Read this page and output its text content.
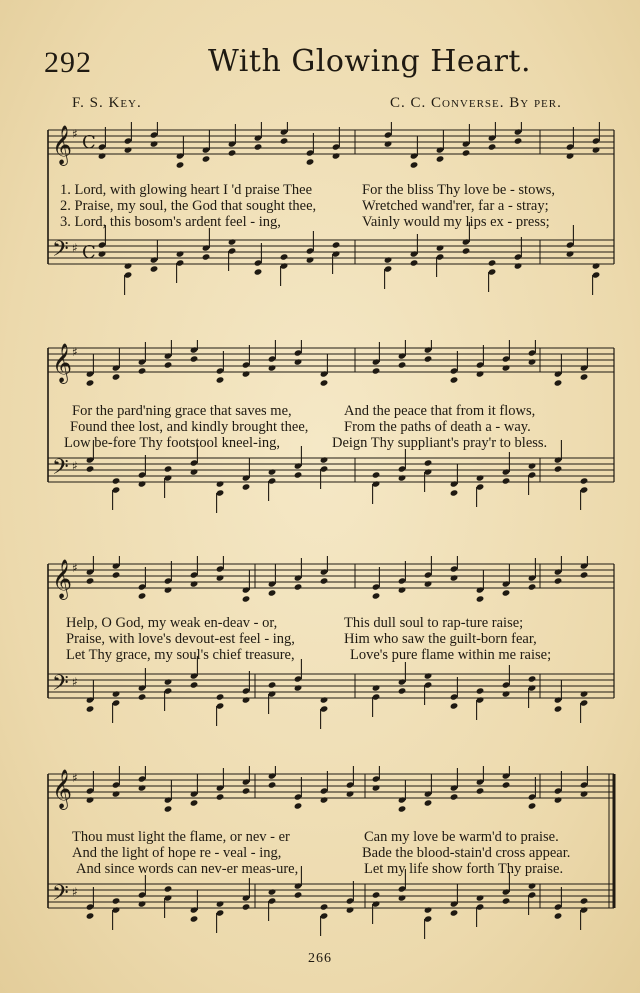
292	With Glowing Heart.
F. S. Key.	C. C. Converse. By per.
𝄞
𝄢
♯
♯
C
C
1. Lord, with glowing heart I 'd praise Thee	For the bliss Thy love be - stows,
2. Praise, my soul, the God that sought thee,	Wretched wand'rer, far a - stray;
3. Lord, this bosom's ardent feel - ing,	Vainly would my lips ex - press;
𝄞
𝄢
♯
♯
For the pard'ning grace that saves me,	And the peace that from it flows,
Found thee lost, and kindly brought thee, From the paths of death a - way.
Low be-fore Thy footstool kneel-ing,	Deign Thy suppliant's pray'r to bless.
𝄞
𝄢
♯
♯
Help, O God, my weak en-deav - or,	This dull soul to rap-ture raise;
Praise, with love's devout-est feel - ing,	Him who saw the guilt-born fear,
Let Thy grace, my soul's chief treasure,	Love's pure flame within me raise;
𝄞
𝄢
♯
♯
Thou must light the flame, or nev - er	Can my love be warm'd to praise.
And the light of hope re - veal - ing,	Bade the blood-stain'd cross appear.
And since words can nev-er meas-ure,	Let my life show forth Thy praise.
266
